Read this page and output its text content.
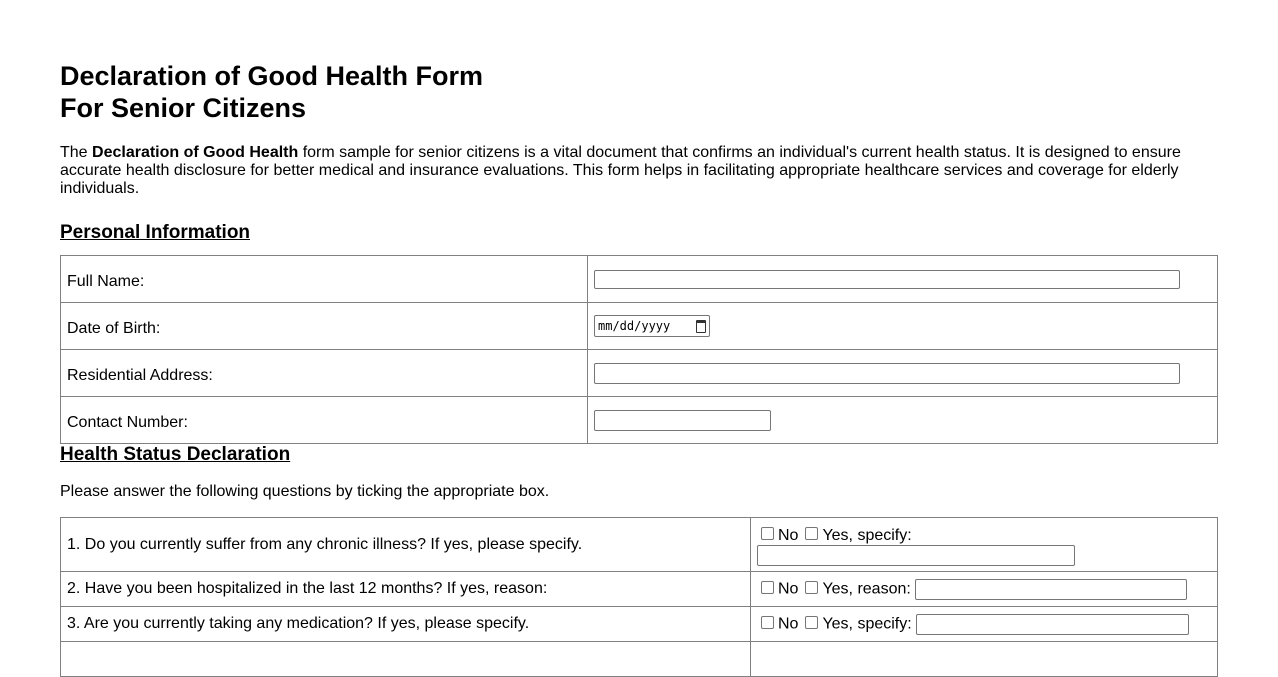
Declaration of Good Health Form
For Senior Citizens
The Declaration of Good Health form sample for senior citizens is a vital document that confirms an individual's current health status. It is designed to ensure accurate health disclosure for better medical and insurance evaluations. This form helps in facilitating appropriate healthcare services and coverage for elderly individuals.
Personal Information
Full Name:	
Date of Birth:	mm/dd/yyyy

Residential Address:	
Contact Number:	
Health Status Declaration
Please answer the following questions by ticking the appropriate box.
1. Do you currently suffer from any chronic illness? If yes, please specify.	No Yes, specify:

2. Have you been hospitalized in the last 12 months? If yes, reason:	No Yes, reason:
3. Are you currently taking any medication? If yes, please specify.	No Yes, specify:
